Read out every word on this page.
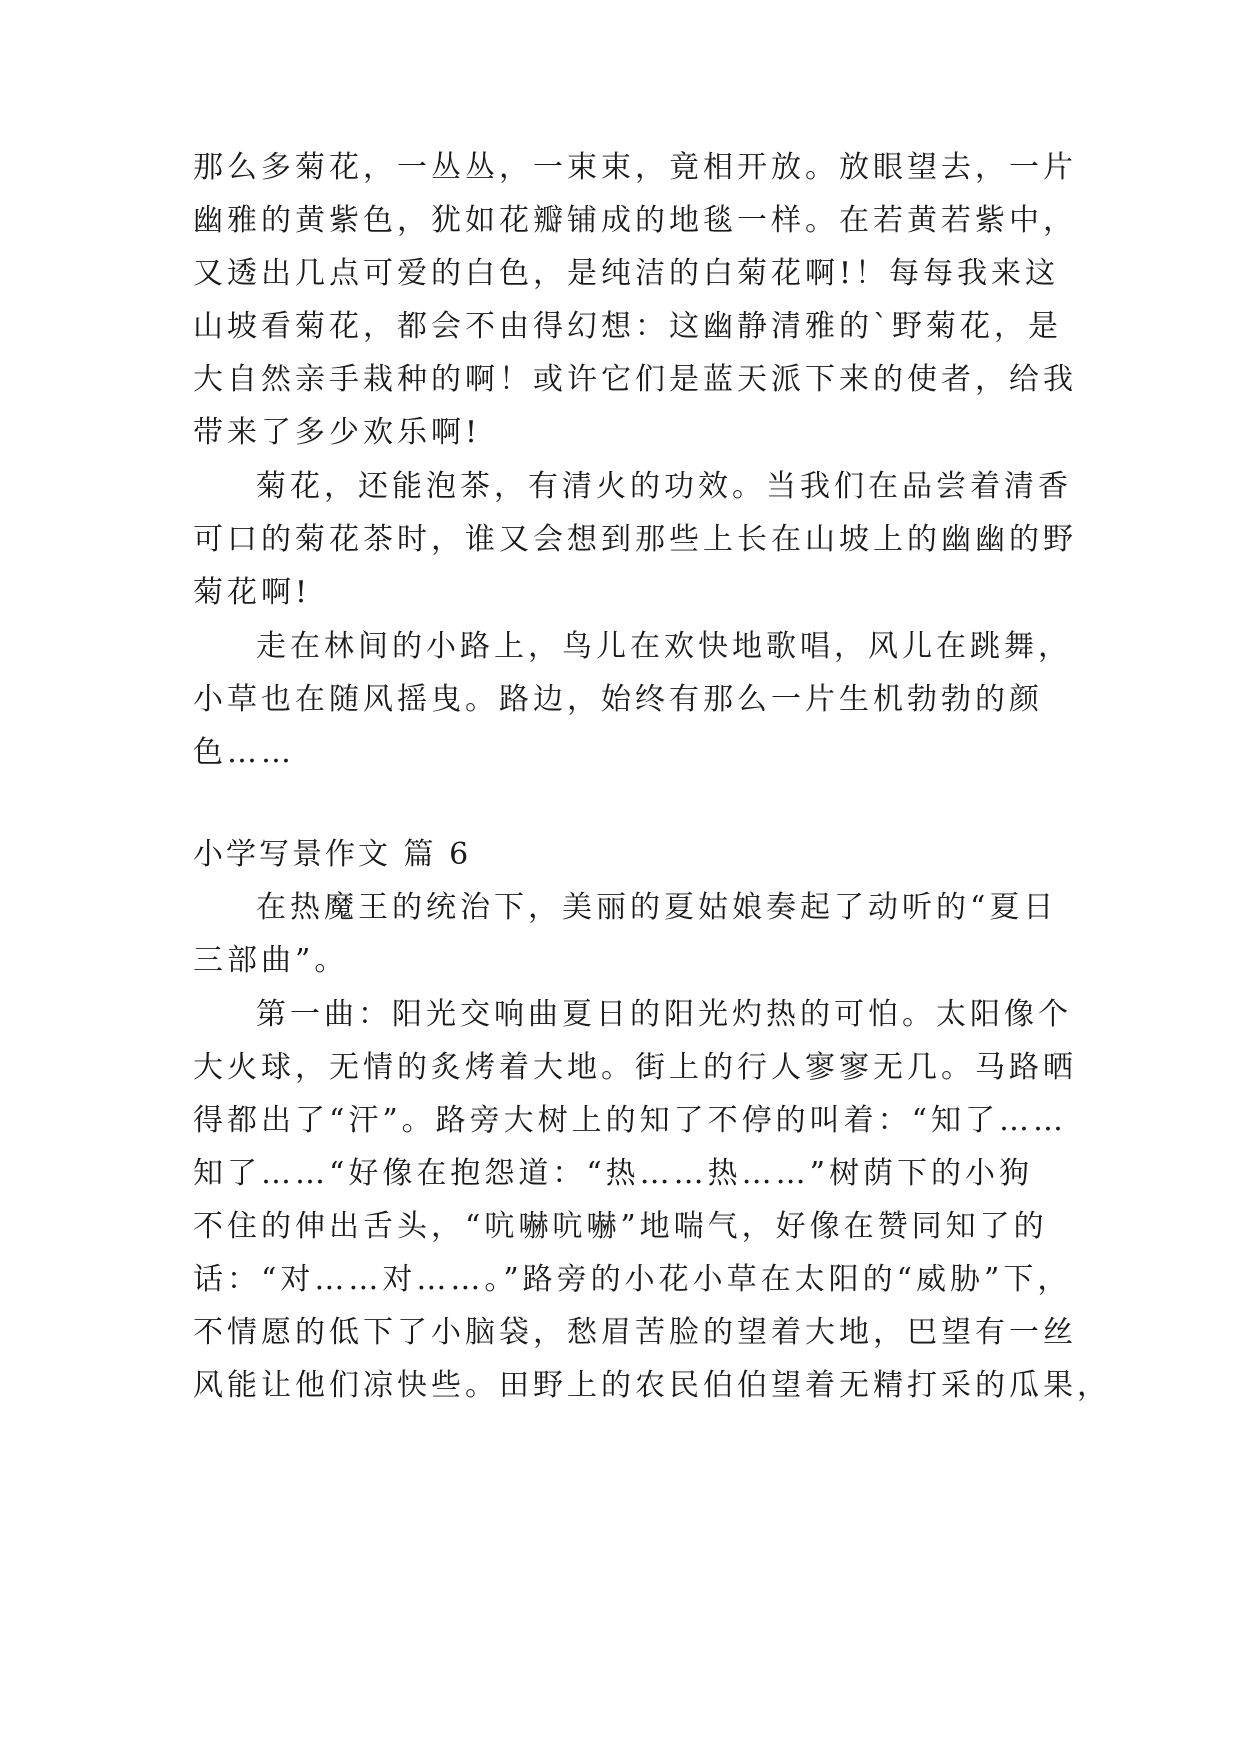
那么多菊花，一丛丛，一束束，竟相开放。放眼望去，一片

幽雅的黄紫色，犹如花瓣铺成的地毯一样。在若黄若紫中，

又透出几点可爱的白色，是纯洁的白菊花啊!！每每我来这

山坡看菊花，都会不由得幻想：这幽静清雅的`野菊花，是

大自然亲手栽种的啊！或许它们是蓝天派下来的使者，给我

带来了多少欢乐啊!

菊花，还能泡茶，有清火的功效。当我们在品尝着清香

可口的菊花茶时，谁又会想到那些上长在山坡上的幽幽的野

菊花啊!

走在林间的小路上，鸟儿在欢快地歌唱，风儿在跳舞，

小草也在随风摇曳。路边，始终有那么一片生机勃勃的颜

色……

小学写景作文 篇 6

在热魔王的统治下，美丽的夏姑娘奏起了动听的“夏日

三部曲”。

第一曲：阳光交响曲夏日的阳光灼热的可怕。太阳像个

大火球，无情的炙烤着大地。街上的行人寥寥无几。马路晒

得都出了“汗”。路旁大树上的知了不停的叫着：“知了……

知了……“好像在抱怨道：“热……热……”树荫下的小狗

不住的伸出舌头，“吭嚇吭嚇”地喘气，好像在赞同知了的

话：“对……对……。”路旁的小花小草在太阳的“威胁”下，

不情愿的低下了小脑袋，愁眉苦脸的望着大地，巴望有一丝

风能让他们凉快些。田野上的农民伯伯望着无精打采的瓜果，
